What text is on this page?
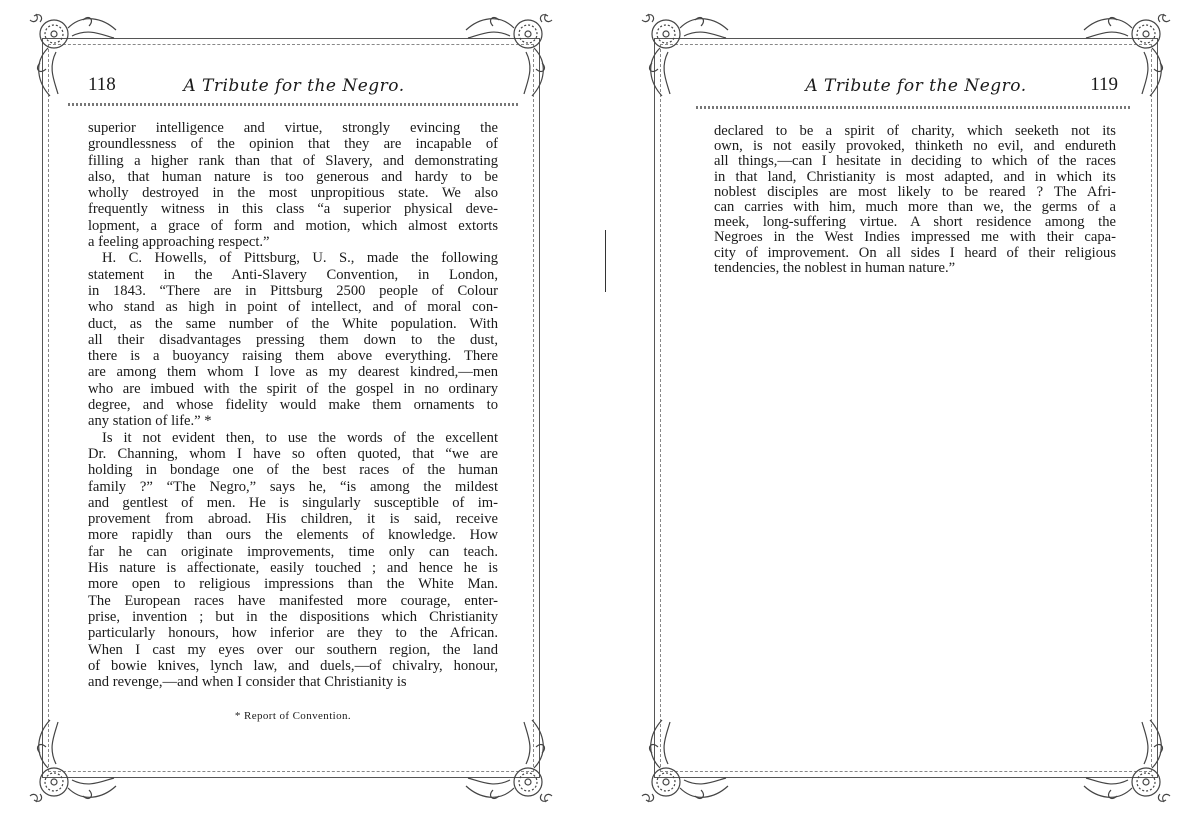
118	A Tribute for the Negro.
superior intelligence and virtue, strongly evincing the
groundlessness of the opinion that they are incapable of
filling a higher rank than that of Slavery, and demonstrating
also, that human nature is too generous and hardy to be
wholly destroyed in the most unpropitious state. We also
frequently witness in this class “a superior physical deve-
lopment, a grace of form and motion, which almost extorts
a feeling approaching respect.”
H. C. Howells, of Pittsburg, U. S., made the following
statement in the Anti-Slavery Convention, in London,
in 1843. “There are in Pittsburg 2500 people of Colour
who stand as high in point of intellect, and of moral con-
duct, as the same number of the White population. With
all their disadvantages pressing them down to the dust,
there is a buoyancy raising them above everything. There
are among them whom I love as my dearest kindred,—men
who are imbued with the spirit of the gospel in no ordinary
degree, and whose fidelity would make them ornaments to
any station of life.” *
Is it not evident then, to use the words of the excellent
Dr. Channing, whom I have so often quoted, that “we are
holding in bondage one of the best races of the human
family ?” “The Negro,” says he, “is among the mildest
and gentlest of men. He is singularly susceptible of im-
provement from abroad. His children, it is said, receive
more rapidly than ours the elements of knowledge. How
far he can originate improvements, time only can teach.
His nature is affectionate, easily touched ; and hence he is
more open to religious impressions than the White Man.
The European races have manifested more courage, enter-
prise, invention ; but in the dispositions which Christianity
particularly honours, how inferior are they to the African.
When I cast my eyes over our southern region, the land
of bowie knives, lynch law, and duels,—of chivalry, honour,
and revenge,—and when I consider that Christianity is
* Report of Convention.
A Tribute for the Negro.	119
declared to be a spirit of charity, which seeketh not its
own, is not easily provoked, thinketh no evil, and endureth
all things,—can I hesitate in deciding to which of the races
in that land, Christianity is most adapted, and in which its
noblest disciples are most likely to be reared ? The Afri-
can carries with him, much more than we, the germs of a
meek, long-suffering virtue. A short residence among the
Negroes in the West Indies impressed me with their capa-
city of improvement. On all sides I heard of their religious
tendencies, the noblest in human nature.”
